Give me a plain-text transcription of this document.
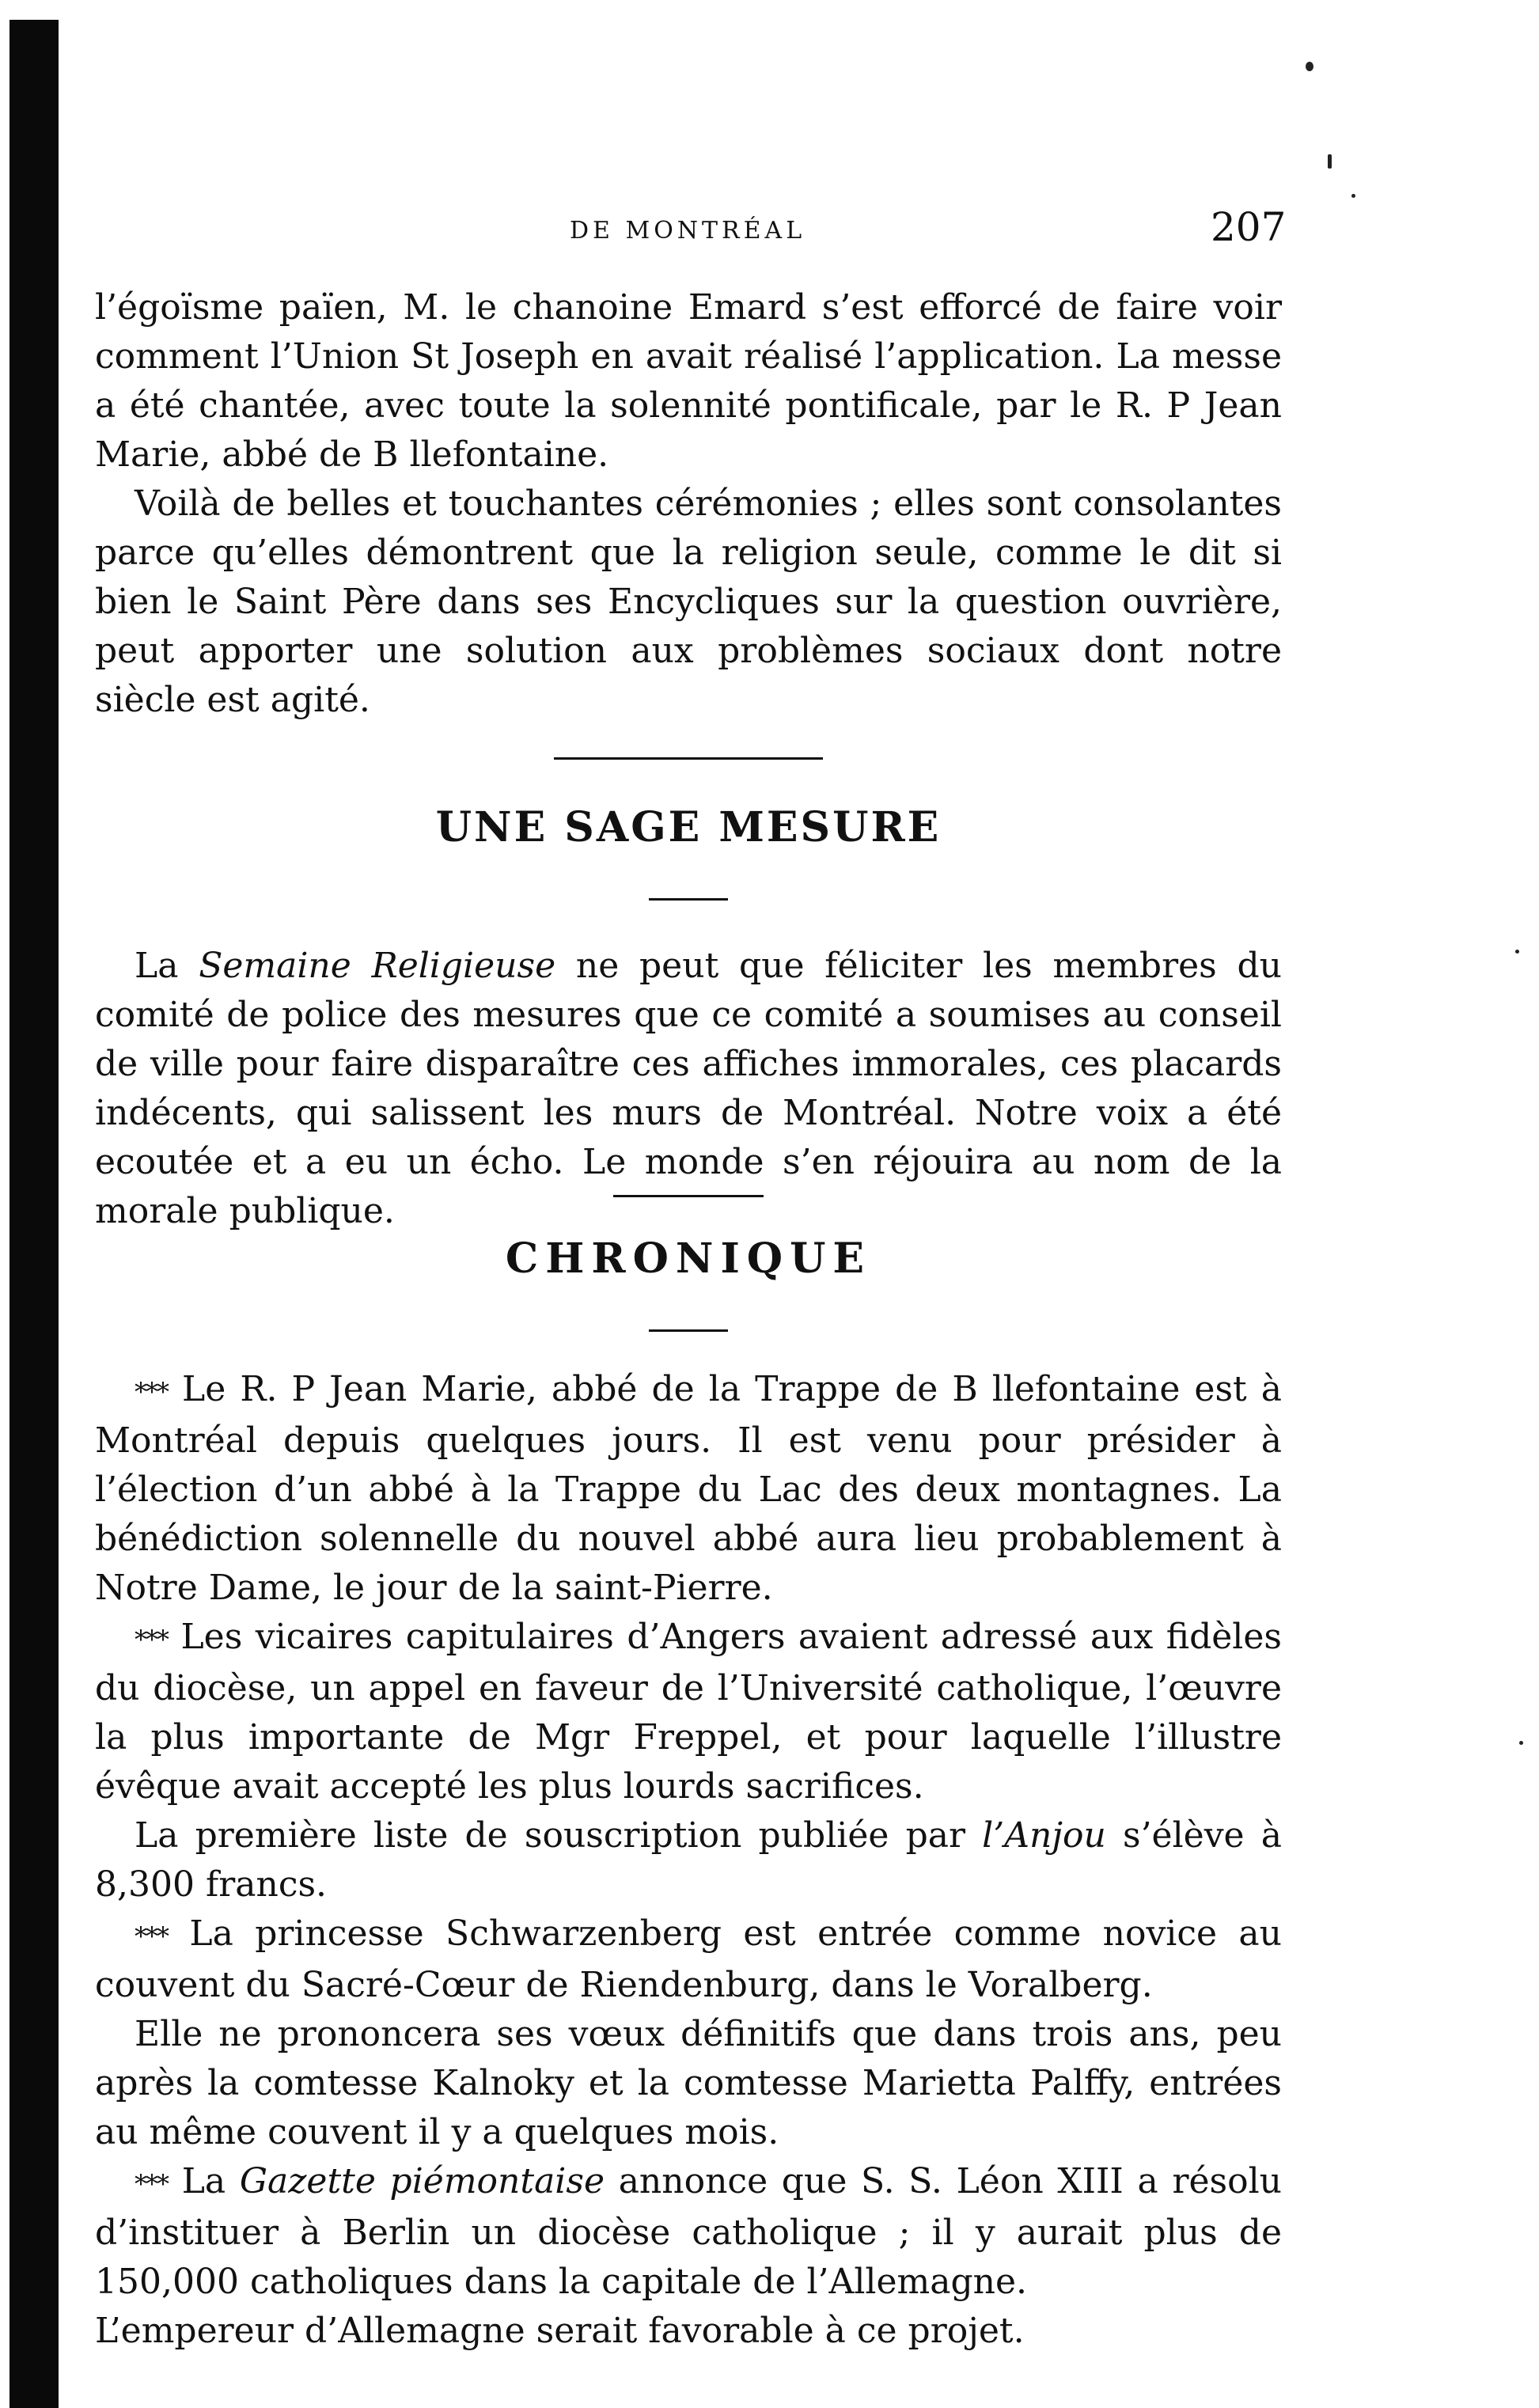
DE MONTRÉAL	207

l’égoïsme païen, M. le chanoine Emard s’est efforcé de faire voir comment l’Union St Joseph en avait réalisé l’application. La messe a été chantée, avec toute la solennité pontificale, par le R. P Jean Marie, abbé de B llefontaine.

Voilà de belles et touchantes cérémonies ; elles sont consolantes parce qu’elles démontrent que la religion seule, comme le dit si bien le Saint Père dans ses Encycliques sur la question ouvrière, peut apporter une solution aux problèmes sociaux dont notre siècle est agité.

UNE SAGE MESURE

La Semaine Religieuse ne peut que féliciter les membres du comité de police des mesures que ce comité a soumises au conseil de ville pour faire disparaître ces affiches immorales, ces placards indécents, qui salissent les murs de Montréal. Notre voix a été ecoutée et a eu un écho. Le monde s’en réjouira au nom de la morale publique.

CHRONIQUE

*** Le R. P Jean Marie, abbé de la Trappe de B llefontaine est à Montréal depuis quelques jours. Il est venu pour présider à l’élection d’un abbé à la Trappe du Lac des deux montagnes. La bénédiction solennelle du nouvel abbé aura lieu probablement à Notre Dame, le jour de la saint-Pierre.

*** Les vicaires capitulaires d’Angers avaient adressé aux fidèles du diocèse, un appel en faveur de l’Université catholique, l’œuvre la plus importante de Mgr Freppel, et pour laquelle l’illustre évêque avait accepté les plus lourds sacrifices.

La première liste de souscription publiée par l’Anjou s’élève à 8,300 francs.

*** La princesse Schwarzenberg est entrée comme novice au couvent du Sacré-Cœur de Riendenburg, dans le Voralberg.

Elle ne prononcera ses vœux définitifs que dans trois ans, peu après la comtesse Kalnoky et la comtesse Marietta Palffy, entrées au même couvent il y a quelques mois.

*** La Gazette piémontaise annonce que S. S. Léon XIII a résolu d’instituer à Berlin un diocèse catholique ; il y aurait plus de 150,000 catholiques dans la capitale de l’Allemagne.

L’empereur d’Allemagne serait favorable à ce projet.
